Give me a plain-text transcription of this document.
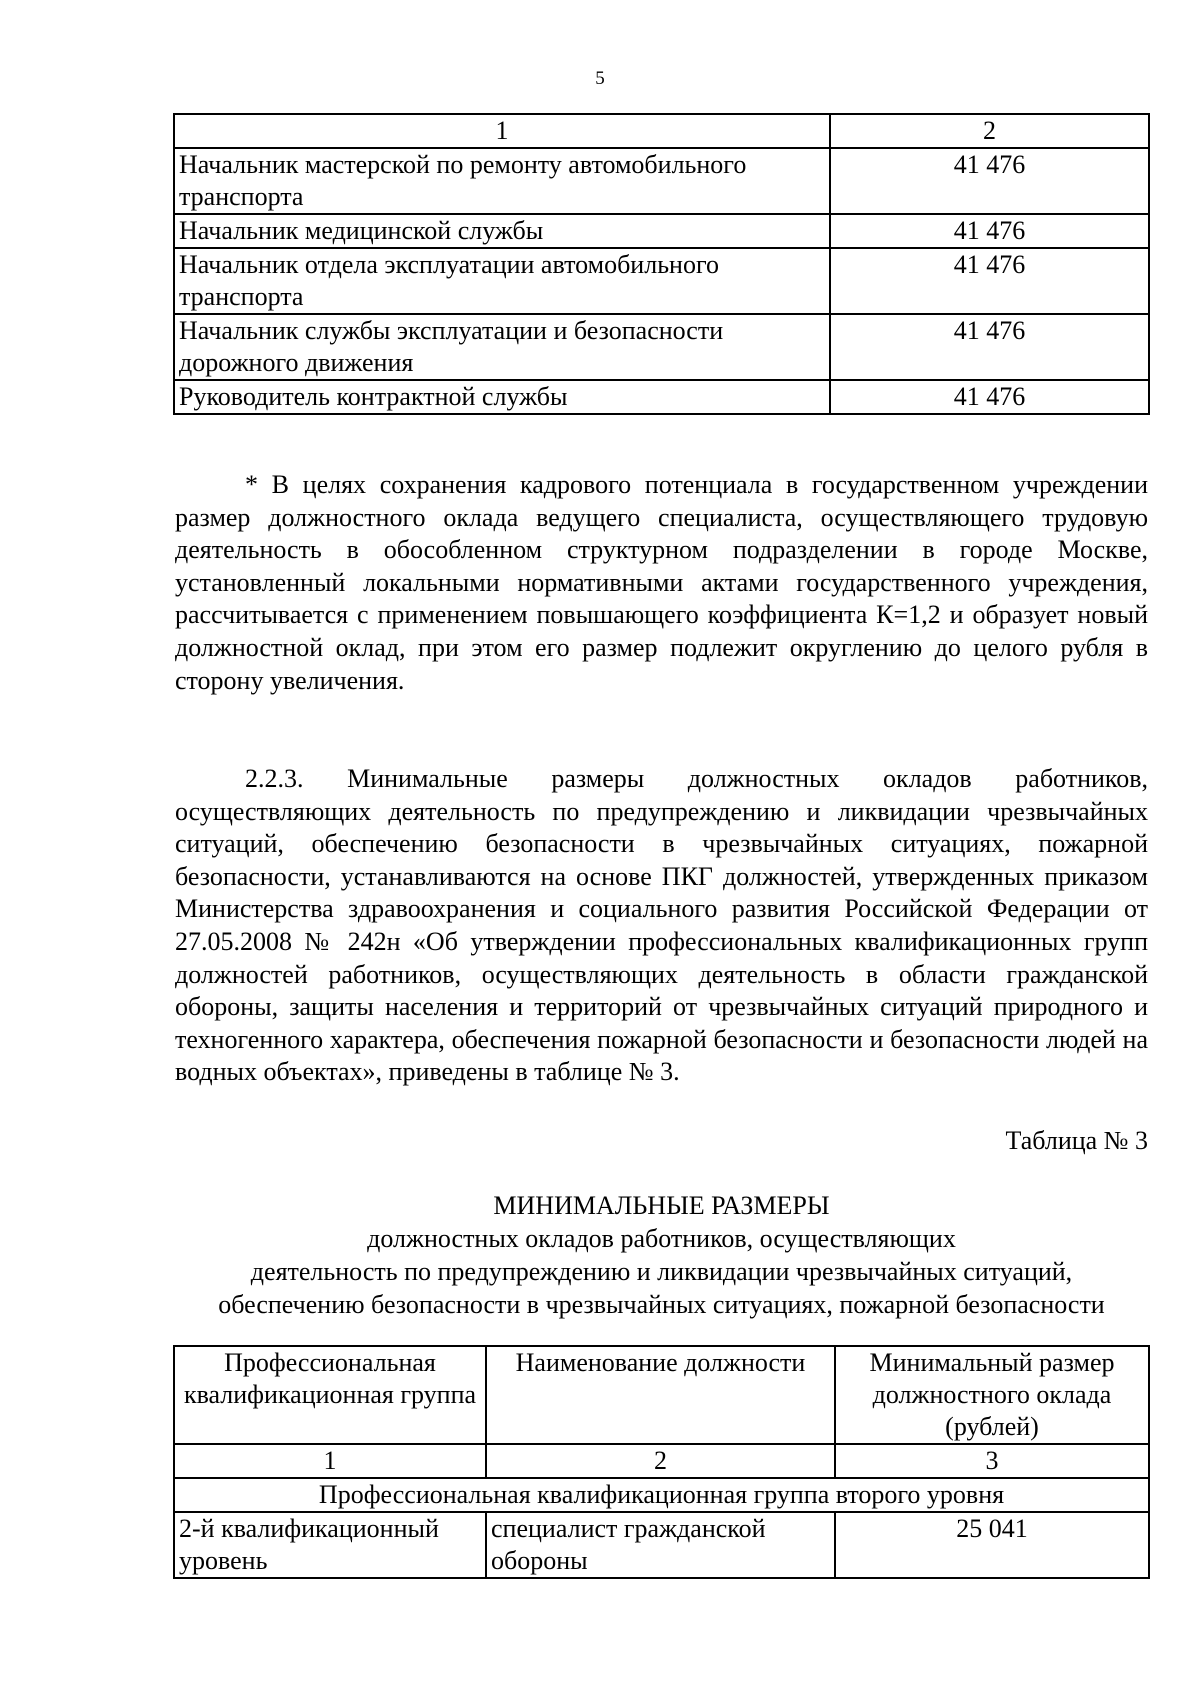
5
1	2
Начальник мастерской по ремонту автомобильного транспорта	41 476
Начальник медицинской службы	41 476
Начальник отдела эксплуатации автомобильного транспорта	41 476
Начальник службы эксплуатации и безопасности дорожного движения	41 476
Руководитель контрактной службы	41 476

* В целях сохранения кадрового потенциала в государственном учреждении размер должностного оклада ведущего специалиста, осуществляющего трудовую деятельность в обособленном структурном подразделении в городе Москве, установленный локальными нормативными актами государственного учреждения, рассчитывается с применением повышающего коэффициента К=1,2 и образует новый должностной оклад, при этом его размер подлежит округлению до целого рубля в сторону увеличения.

2.2.3. Минимальные размеры должностных окладов работников, осуществляющих деятельность по предупреждению и ликвидации чрезвычайных ситуаций, обеспечению безопасности в чрезвычайных ситуациях, пожарной безопасности, устанавливаются на основе ПКГ должностей, утвержденных приказом Министерства здравоохранения и социального развития Российской Федерации от 27.05.2008 № 242н «Об утверждении профессиональных квалификационных групп должностей работников, осуществляющих деятельность в области гражданской обороны, защиты населения и территорий от чрезвычайных ситуаций природного и техногенного характера, обеспечения пожарной безопасности и безопасности людей на водных объектах», приведены в таблице № 3.

Таблица № 3
МИНИМАЛЬНЫЕ РАЗМЕРЫ
должностных окладов работников, осуществляющих
деятельность по предупреждению и ликвидации чрезвычайных ситуаций,
обеспечению безопасности в чрезвычайных ситуациях, пожарной безопасности
Профессиональная квалификационная группа	Наименование должности	Минимальный размер должностного оклада (рублей)
1	2	3
Профессиональная квалификационная группа второго уровня		
2-й квалификационный уровень	специалист гражданской обороны	25 041
